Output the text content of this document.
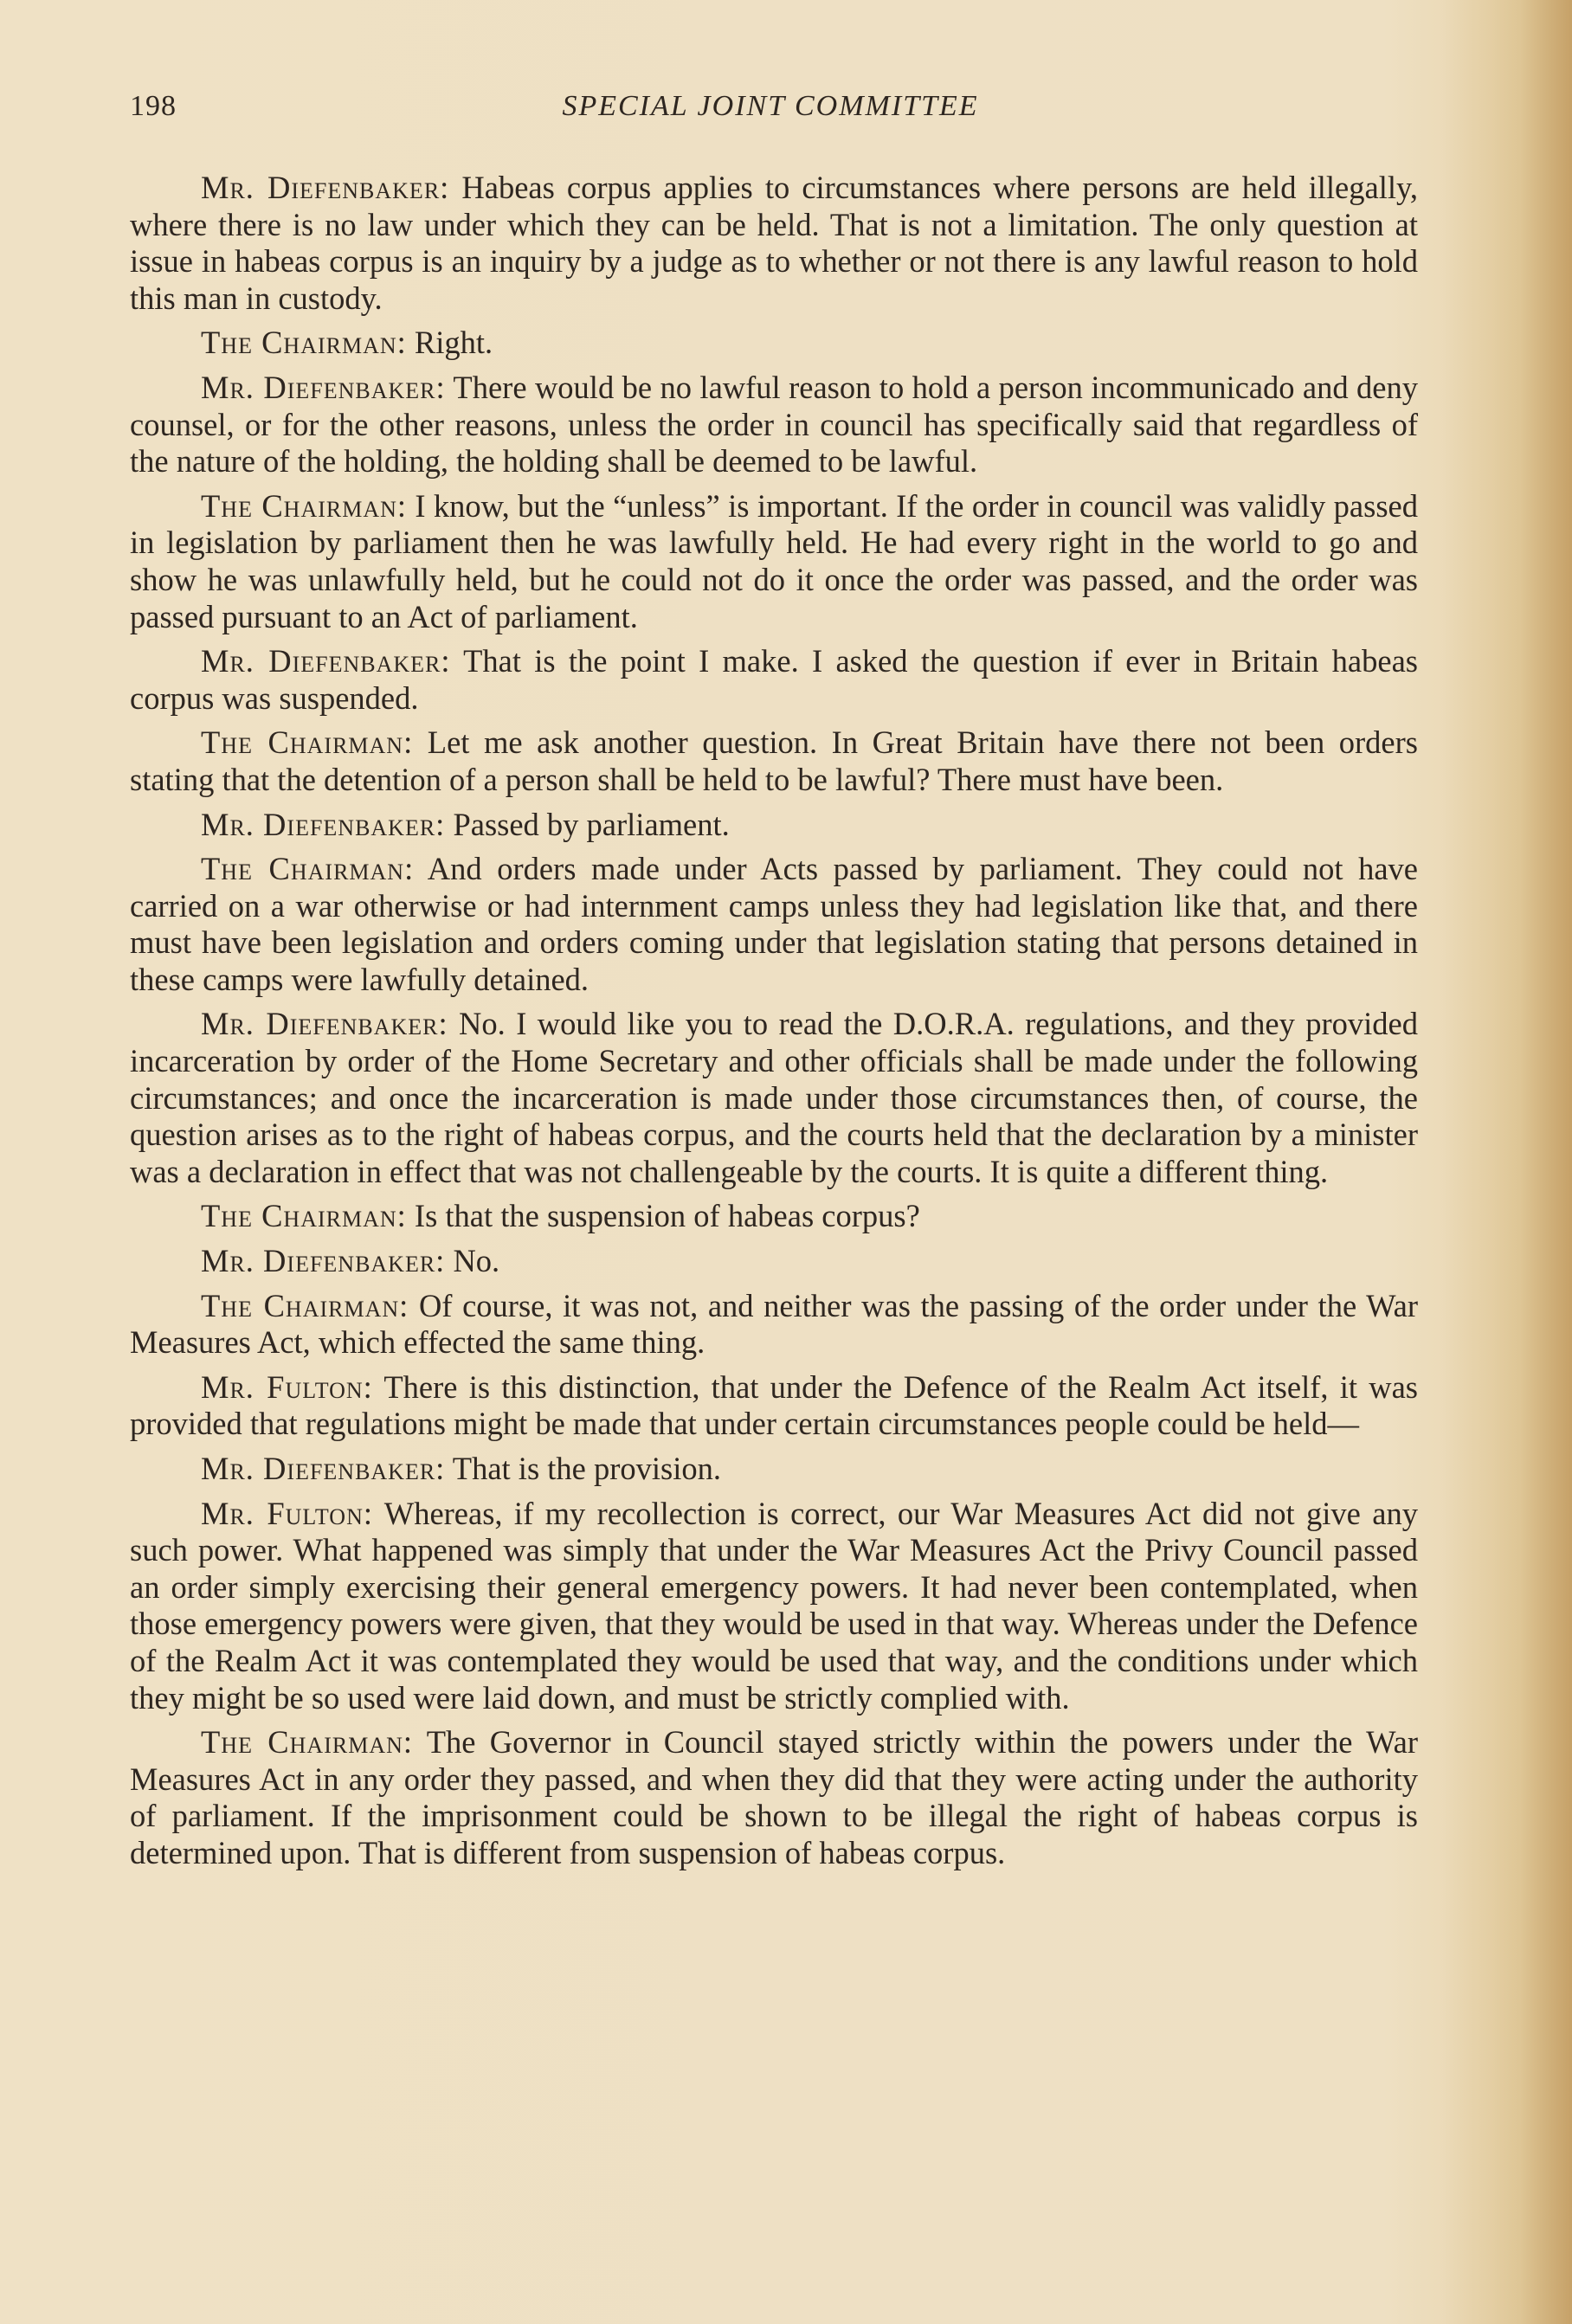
198	SPECIAL JOINT COMMITTEE

Mr. Diefenbaker: Habeas corpus applies to circumstances where persons are held illegally, where there is no law under which they can be held. That is not a limitation. The only question at issue in habeas corpus is an inquiry by a judge as to whether or not there is any lawful reason to hold this man in custody.

The Chairman: Right.

Mr. Diefenbaker: There would be no lawful reason to hold a person incommunicado and deny counsel, or for the other reasons, unless the order in council has specifically said that regardless of the nature of the holding, the holding shall be deemed to be lawful.

The Chairman: I know, but the “unless” is important. If the order in council was validly passed in legislation by parliament then he was lawfully held. He had every right in the world to go and show he was unlawfully held, but he could not do it once the order was passed, and the order was passed pursuant to an Act of parliament.

Mr. Diefenbaker: That is the point I make. I asked the question if ever in Britain habeas corpus was suspended.

The Chairman: Let me ask another question. In Great Britain have there not been orders stating that the detention of a person shall be held to be lawful? There must have been.

Mr. Diefenbaker: Passed by parliament.

The Chairman: And orders made under Acts passed by parliament. They could not have carried on a war otherwise or had internment camps unless they had legislation like that, and there must have been legislation and orders coming under that legislation stating that persons detained in these camps were lawfully detained.

Mr. Diefenbaker: No. I would like you to read the D.O.R.A. regulations, and they provided incarceration by order of the Home Secretary and other officials shall be made under the following circumstances; and once the incarceration is made under those circumstances then, of course, the question arises as to the right of habeas corpus, and the courts held that the declaration by a minister was a declaration in effect that was not challengeable by the courts. It is quite a different thing.

The Chairman: Is that the suspension of habeas corpus?

Mr. Diefenbaker: No.

The Chairman: Of course, it was not, and neither was the passing of the order under the War Measures Act, which effected the same thing.

Mr. Fulton: There is this distinction, that under the Defence of the Realm Act itself, it was provided that regulations might be made that under certain circumstances people could be held—

Mr. Diefenbaker: That is the provision.

Mr. Fulton: Whereas, if my recollection is correct, our War Measures Act did not give any such power. What happened was simply that under the War Measures Act the Privy Council passed an order simply exercising their general emergency powers. It had never been contemplated, when those emergency powers were given, that they would be used in that way. Whereas under the Defence of the Realm Act it was contemplated they would be used that way, and the conditions under which they might be so used were laid down, and must be strictly complied with.

The Chairman: The Governor in Council stayed strictly within the powers under the War Measures Act in any order they passed, and when they did that they were acting under the authority of parliament. If the imprisonment could be shown to be illegal the right of habeas corpus is determined upon. That is different from suspension of habeas corpus.
